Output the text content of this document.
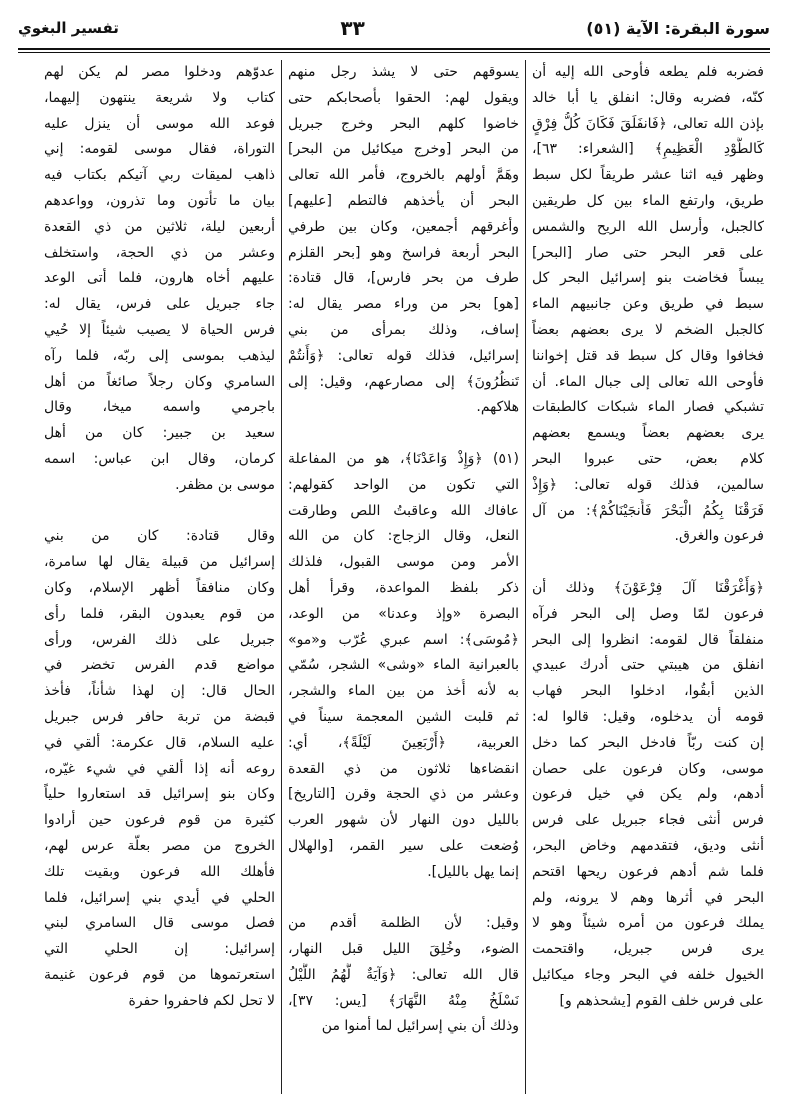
سورة البقرة: الآية (٥١)
٣٣
تفسير البغوي
فضربه فلم يطعه فأوحى الله إليه أن
كنّه، فضربه وقال: انفلق يا أبا خالد
بإذن الله تعالى، ﴿فَانفَلَقَ فَكَانَ كُلُّ فِرْقٍ
كَالطَّوْدِ الْعَظِيمِ﴾ [الشعراء: ٦٣]،
وظهر فيه اثنا عشر طريقاً لكل سبط
طريق، وارتفع الماء بين كل طريقين
كالجبل، وأرسل الله الريح والشمس
على قعر البحر حتى صار [البحر]
يبساً فخاضت بنو إسرائيل البحر كل
سبط في طريق وعن جانبيهم الماء
كالجبل الضخم لا يرى بعضهم بعضاً
فخافوا وقال كل سبط قد قتل إخواننا
فأوحى الله تعالى إلى جبال الماء. أن
تشبكي فصار الماء شبكات كالطبقات
يرى بعضهم بعضاً ويسمع بعضهم
كلام بعض، حتى عبروا البحر
سالمين، فذلك قوله تعالى: ﴿وَإِذْ
فَرَقْنَا بِكُمُ الْبَحْرَ فَأَنجَيْنَاكُمْ﴾: من آل
فرعون والغرق.

﴿وَأَغْرَقْنَا آلَ فِرْعَوْنَ﴾ وذلك أن
فرعون لمّا وصل إلى البحر فرآه
منفلقاً قال لقومه: انظروا إلى البحر
انفلق من هيبتي حتى أدرك عبيدي
الذين أبقُوا، ادخلوا البحر فهاب
قومه أن يدخلوه، وقيل: قالوا له:
إن كنت ربّاً فادخل البحر كما دخل
موسى، وكان فرعون على حصان
أدهم، ولم يكن في خيل فرعون
فرس أنثى فجاء جبريل على فرس
أنثى وديق، فتقدمهم وخاض البحر،
فلما شم أدهم فرعون ريحها اقتحم
البحر في أثرها وهم لا يرونه، ولم
يملك فرعون من أمره شيئاً وهو لا
يرى فرس جبريل، واقتحمت
الخيول خلفه في البحر وجاء ميكائيل
على فرس خلف القوم [يشحذهم و]
يسوقهم حتى لا يشذ رجل منهم
ويقول لهم: الحقوا بأصحابكم حتى
خاضوا كلهم البحر وخرج جبريل
من البحر [وخرج ميكائيل من البحر]
وهَمَّ أولهم بالخروج، فأمر الله تعالى
البحر أن يأخذهم فالتطم [عليهم]
وأغرقهم أجمعين، وكان بين طرفي
البحر أربعة فراسخ وهو [بحر القلزم
طرف من بحر فارس]، قال قتادة:
[هو] بحر من وراء مصر يقال له:
إساف، وذلك بمرأى من بني
إسرائيل، فذلك قوله تعالى: ﴿وَأَنتُمْ
تَنظُرُونَ﴾ إلى مصارعهم، وقيل: إلى
هلاكهم.

(٥١) ﴿وَإِذْ وَاعَدْنَا﴾، هو من المفاعلة
التي تكون من الواحد كقولهم:
عافاك الله وعاقبتُ اللص وطارقت
النعل، وقال الزجاج: كان من الله
الأمر ومن موسى القبول، فلذلك
ذكر بلفظ المواعدة، وقرأ أهل
البصرة «وإذ وعدنا» من الوعد،
﴿مُوسَى﴾: اسم عبري عُرّب و«مو»
بالعبرانية الماء «وشى» الشجر، سُمّي
به لأنه أُخذ من بين الماء والشجر،
ثم قلبت الشين المعجمة سيناً في
العربية، ﴿أَرْبَعِينَ لَيْلَةً﴾، أي:
انقضاءها ثلاثون من ذي القعدة
وعشر من ذي الحجة وقرن [التاريخ]
بالليل دون النهار لأن شهور العرب
وُضعت على سير القمر، [والهلال
إنما يهل بالليل].

وقيل: لأن الظلمة أقدم من
الضوء، وخُلِقَ الليل قبل النهار،
قال الله تعالى: ﴿وَآيَةٌ لَّهُمُ اللَّيْلُ
نَسْلَخُ مِنْهُ النَّهَارَ﴾ [يس: ٣٧]،
وذلك أن بني إسرائيل لما أمنوا من
عدوّهم ودخلوا مصر لم يكن لهم
كتاب ولا شريعة ينتهون إليهما،
فوعد الله موسى أن ينزل عليه
التوراة، فقال موسى لقومه: إني
ذاهب لميقات ربي آتيكم بكتاب فيه
بيان ما تأتون وما تذرون، وواعدهم
أربعين ليلة، ثلاثين من ذي القعدة
وعشر من ذي الحجة، واستخلف
عليهم أخاه هارون، فلما أتى الوعد
جاء جبريل على فرس، يقال له:
فرس الحياة لا يصيب شيئاً إلا حُيي
ليذهب بموسى إلى ربّه، فلما رآه
السامري وكان رجلاً صائغاً من أهل
باجرمي واسمه ميخا، وقال
سعيد بن جبير: كان من أهل
كرمان، وقال ابن عباس: اسمه
موسى بن مظفر.

وقال قتادة: كان من بني
إسرائيل من قبيلة يقال لها سامرة،
وكان منافقاً أظهر الإسلام، وكان
من قوم يعبدون البقر، فلما رأى
جبريل على ذلك الفرس، ورأى
مواضع قدم الفرس تخضر في
الحال قال: إن لهذا شأناً، فأخذ
قبضة من تربة حافر فرس جبريل
عليه السلام، قال عكرمة: ألقي في
روعه أنه إذا ألقي في شيء غيّره،
وكان بنو إسرائيل قد استعاروا حلياً
كثيرة من قوم فرعون حين أرادوا
الخروج من مصر بعلّة عرس لهم،
فأهلك الله فرعون وبقيت تلك
الحلي في أيدي بني إسرائيل، فلما
فصل موسى قال السامري لبني
إسرائيل: إن الحلي التي
استعرتموها من قوم فرعون غنيمة
لا تحل لكم فاحفروا حفرة
